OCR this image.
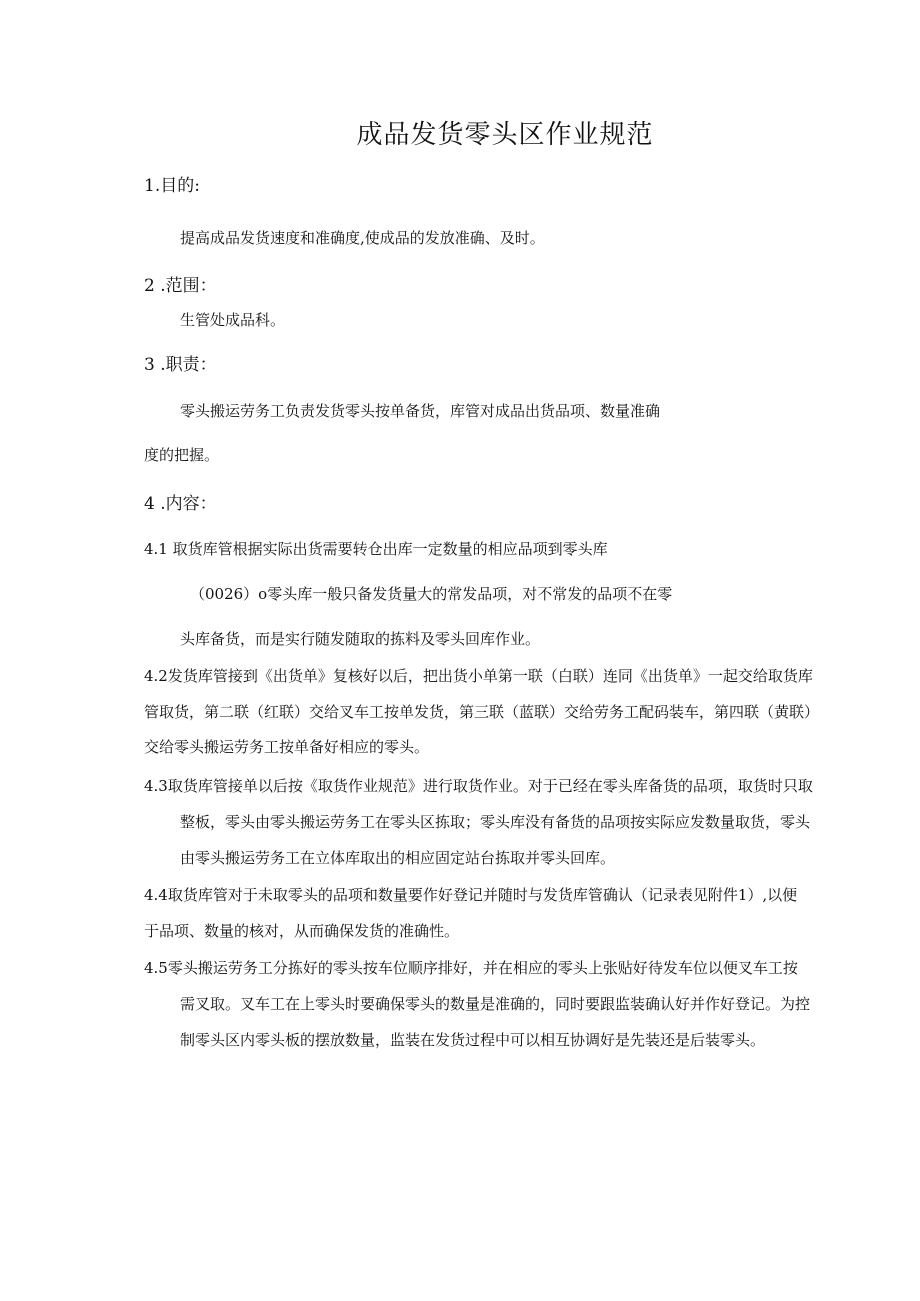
成品发货零头区作业规范
1.目的:
提高成品发货速度和准确度,使成品的发放准确、及时。
2 .范围：
生管处成品科。
3 .职责：
零头搬运劳务工负责发货零头按单备货，库管对成品出货品项、数量准确
度的把握。
4 .内容：
4.1 取货库管根据实际出货需要转仓出库一定数量的相应品项到零头库
（0026）o零头库一般只备发货量大的常发品项，对不常发的品项不在零
头库备货，而是实行随发随取的拣料及零头回库作业。
4.2发货库管接到《出货单》复核好以后，把出货小单第一联（白联）连同《出货单》一起交给取货库
管取货，第二联（红联）交给叉车工按单发货，第三联（蓝联）交给劳务工配码装车，第四联（黄联）
交给零头搬运劳务工按单备好相应的零头。
4.3取货库管接单以后按《取货作业规范》进行取货作业。对于已经在零头库备货的品项，取货时只取
整板，零头由零头搬运劳务工在零头区拣取；零头库没有备货的品项按实际应发数量取货，零头
由零头搬运劳务工在立体库取出的相应固定站台拣取并零头回库。
4.4取货库管对于未取零头的品项和数量要作好登记并随时与发货库管确认（记录表见附件1）,以便
于品项、数量的核对，从而确保发货的准确性。
4.5零头搬运劳务工分拣好的零头按车位顺序排好，并在相应的零头上张贴好待发车位以便叉车工按
需叉取。叉车工在上零头时要确保零头的数量是准确的，同时要跟监装确认好并作好登记。为控
制零头区内零头板的摆放数量，监装在发货过程中可以相互协调好是先装还是后装零头。
